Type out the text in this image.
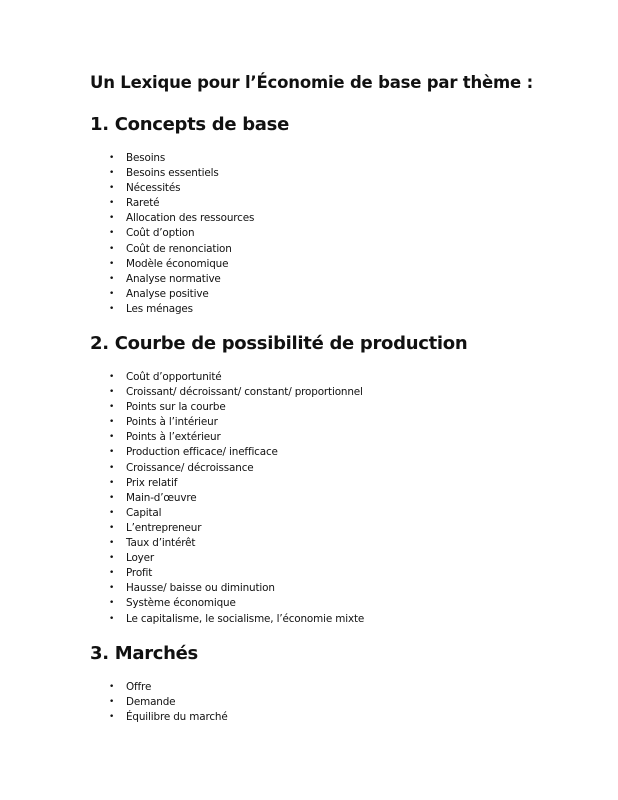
Un Lexique pour l’Économie de base par thème :
1. Concepts de base
• Besoins
• Besoins essentiels
• Nécessités
• Rareté
• Allocation des ressources
• Coût d’option
• Coût de renonciation
• Modèle économique
• Analyse normative
• Analyse positive
• Les ménages
2. Courbe de possibilité de production
• Coût d’opportunité
• Croissant/ décroissant/ constant/ proportionnel
• Points sur la courbe
• Points à l’intérieur
• Points à l’extérieur
• Production efficace/ inefficace
• Croissance/ décroissance
• Prix relatif
• Main-d’œuvre
• Capital
• L’entrepreneur
• Taux d’intérêt
• Loyer
• Profit
• Hausse/ baisse ou diminution
• Système économique
• Le capitalisme, le socialisme, l’économie mixte
3. Marchés
• Offre
• Demande
• Équilibre du marché
